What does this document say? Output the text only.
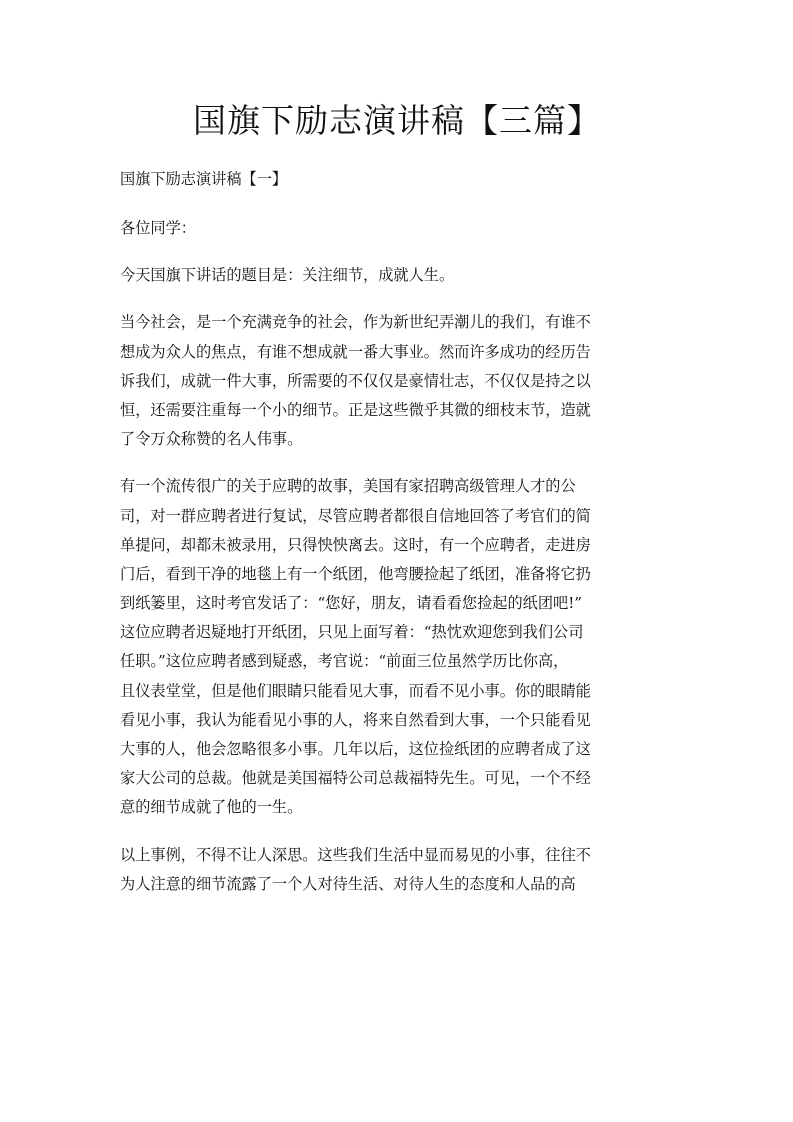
国旗下励志演讲稿【三篇】

国旗下励志演讲稿【一】

各位同学：

今天国旗下讲话的题目是：关注细节，成就人生。
当今社会，是一个充满竞争的社会，作为新世纪弄潮儿的我们，有谁不
想成为众人的焦点，有谁不想成就一番大事业。然而许多成功的经历告
诉我们，成就一件大事，所需要的不仅仅是豪情壮志，不仅仅是持之以
恒，还需要注重每一个小的细节。正是这些微乎其微的细枝末节，造就
了令万众称赞的名人伟事。
有一个流传很广的关于应聘的故事，美国有家招聘高级管理人才的公
司，对一群应聘者进行复试，尽管应聘者都很自信地回答了考官们的简
单提问，却都未被录用，只得怏怏离去。这时，有一个应聘者，走进房
门后，看到干净的地毯上有一个纸团，他弯腰捡起了纸团，准备将它扔
到纸篓里，这时考官发话了：“您好，朋友，请看看您捡起的纸团吧!”
这位应聘者迟疑地打开纸团，只见上面写着：“热忱欢迎您到我们公司
任职。”这位应聘者感到疑惑，考官说：“前面三位虽然学历比你高，
且仪表堂堂，但是他们眼睛只能看见大事，而看不见小事。你的眼睛能
看见小事，我认为能看见小事的人，将来自然看到大事，一个只能看见
大事的人，他会忽略很多小事。几年以后，这位捡纸团的应聘者成了这
家大公司的总裁。他就是美国福特公司总裁福特先生。可见，一个不经
意的细节成就了他的一生。
以上事例，不得不让人深思。这些我们生活中显而易见的小事，往往不
为人注意的细节流露了一个人对待生活、对待人生的态度和人品的高
